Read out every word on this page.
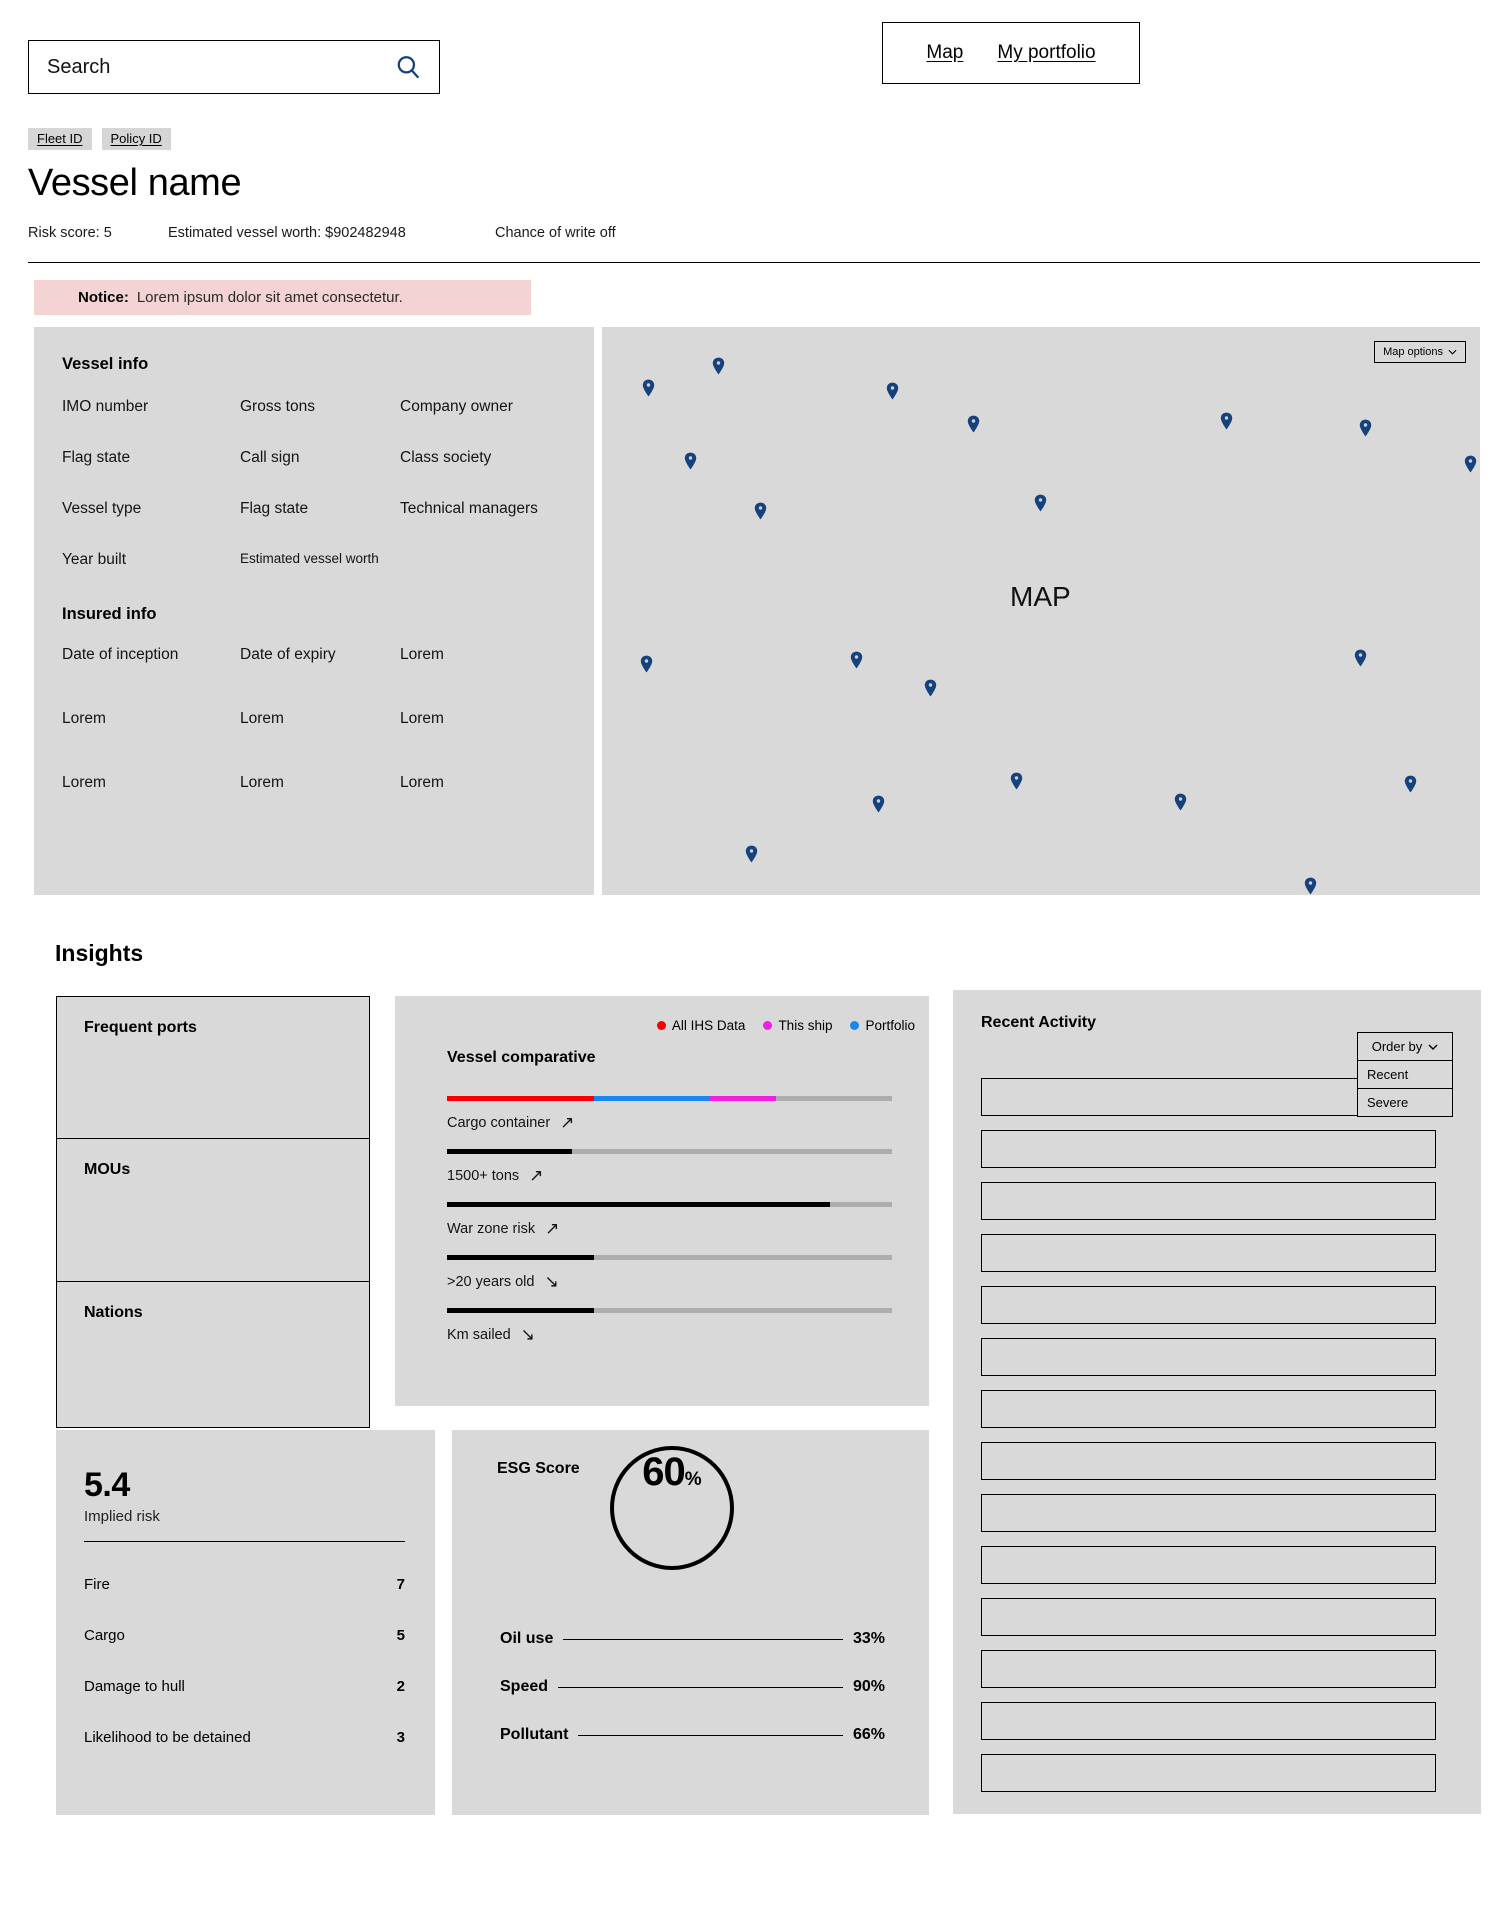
Search
Map My portfolio
Fleet ID	Policy ID
Vessel name
Risk score: 5	Estimated vessel worth: $902482948	Chance of write off
Notice: Lorem ipsum dolor sit amet consectetur.
Vessel info
IMO number	Gross tons	Company owner
Flag state	Call sign	Class society
Vessel type	Flag state	Technical managers
Year built	Estimated vessel worth
Insured info
Date of inception	Date of expiry	Lorem
Lorem	Lorem	Lorem
Lorem	Lorem	Lorem
Map options
MAP
Insights
Frequent ports
MOUs
Nations
All IHS Data This ship Portfolio
Vessel comparative
Cargo container ↗
1500+ tons ↗
War zone risk ↗
>20 years old ↘
Km sailed ↘
Recent Activity
Order by
Recent
Severe
5.4
Implied risk
Fire	7
Cargo	5
Damage to hull	2
Likelihood to be detained	3
ESG Score 60 %
Oil use	33%
Speed	90%
Pollutant	66%
